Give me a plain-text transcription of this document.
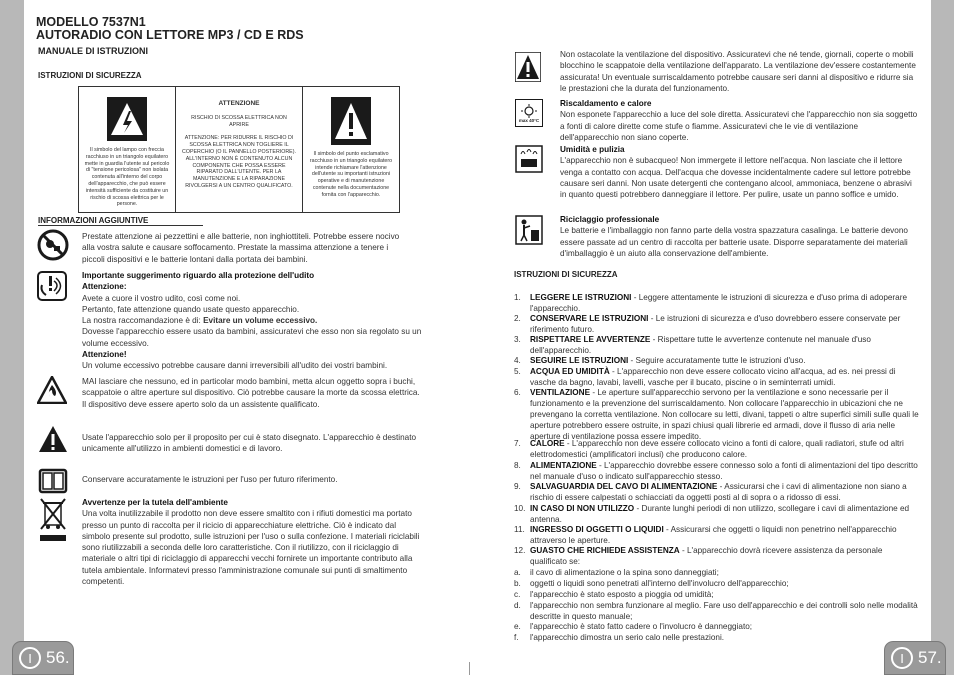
MODELLO 7537N1
AUTORADIO CON LETTORE MP3 / CD E RDS
MANUALE DI ISTRUZIONI
ISTRUZIONI DI SICUREZZA
Il simbolo del lampo con freccia racchiuso in un triangolo equilatero mette in guardia l'utente sul pericolo di "tensione pericolosa" non isolata contenuta all'interno del corpo dell'apparecchio, che può essere intensità sufficiente da costituire un rischio di scossa elettrica per le persone.
ATTENZIONE
RISCHIO DI SCOSSA ELETTRICA NON APRIRE
ATTENZIONE: PER RIDURRE IL RISCHIO DI SCOSSA ELETTRICA NON TOGLIERE IL COPERCHIO (O IL PANNELLO POSTERIORE). ALL'INTERNO NON È CONTENUTO ALCUN COMPONENTE CHE POSSA ESSERE RIPARATO DALL'UTENTE. PER LA MANUTENZIONE E LA RIPARAZIONE RIVOLGERSI A UN CENTRO QUALIFICATO.
Il simbolo del punto esclamativo racchiuso in un triangolo equilatero intende richiamare l'attenzione dell'utente su importanti istruzioni operative e di manutenzione contenute nella documentazione fornita con l'apparecchio.
INFORMAZIONI AGGIUNTIVE
Prestate attenzione ai pezzettini e alle batterie, non inghiottiteli. Potrebbe essere nocivo alla vostra salute e causare soffocamento. Prestate la massima attenzione a tenere i piccoli dispositivi e le batterie lontani dalla portata dei bambini.
Importante suggerimento riguardo alla protezione dell'udito
Attenzione:
Avete a cuore il vostro udito, così come noi.
Pertanto, fate attenzione quando usate questo apparecchio.
La nostra raccomandazione è di: Evitare un volume eccessivo.
Dovesse l'apparecchio essere usato da bambini, assicuratevi che esso non sia regolato su un volume eccessivo.
Attenzione!
Un volume eccessivo potrebbe causare danni irreversibili all'udito dei vostri bambini.
MAI lasciare che nessuno, ed in particolar modo bambini, metta alcun oggetto sopra i buchi, scappatoie o altre aperture sul dispositivo. Ciò potrebbe causare la morte da scossa elettrica. Il dispositivo deve essere aperto solo da un assistente qualificato.
Usate l'apparecchio solo per il proposito per cui è stato disegnato. L'apparecchio è destinato unicamente all'utilizzo in ambienti domestici e di lavoro.
Conservare accuratamente le istruzioni per l'uso per futuro riferimento.
Avvertenze per la tutela dell'ambiente
Una volta inutilizzabile il prodotto non deve essere smaltito con i rifiuti domestici ma portato presso un punto di raccolta per il ricicio di apparecchiature elettriche. Ciò è indicato dal simbolo presente sul prodotto, sulle istruzioni per l'uso o sulla confezione. I materiali riciclabili sono riutilizzabili a seconda delle loro caratteristiche. Con il riutilizzo, con il riciclaggio di materiale o altri tipi di riciclaggio di apparecchi vecchi fornirete un importante contributo alla tutela ambientale. Informatevi presso l'amministrazione comunale sui punti di smaltimento competenti.
I 56.
Non ostacolate la ventilazione del dispositivo. Assicuratevi che né tende, giornali, coperte o mobili blocchino le scappatoie della ventilazione dell'apparato. La ventilazione dev'essere costantemente assicurata! Un eventuale surriscaldamento potrebbe causare seri danni al dispositivo e ridurre sia le prestazioni che la durata del funzionamento.
max 40°C
Riscaldamento e calore
Non esponete l'apparecchio a luce del sole diretta. Assicuratevi che l'apparecchio non sia soggetto a fonti di calore dirette come stufe o fiamme. Assicuratevi che le vie di ventilazione dell'apparecchio non siano coperte.
Umidità e pulizia
L'apparecchio non è subacqueo! Non immergete il lettore nell'acqua. Non lasciate che il lettore venga a contatto con acqua. Dell'acqua che dovesse incidentalmente cadere sul lettore potrebbe causare seri danni. Non usate detergenti che contengano alcool, ammoniaca, benzene o abrasivi in quanto questi potrebbero danneggiare il lettore. Per pulire, usate un panno soffice e umido.
Riciclaggio professionale
Le batterie e l'imballaggio non fanno parte della vostra spazzatura casalinga. Le batterie devono essere passate ad un centro di raccolta per batterie usate. Disporre separatamente dei materiali d'imballaggio è un aiuto alla conservazione dell'ambiente.
ISTRUZIONI DI SICUREZZA
1. LEGGERE LE ISTRUZIONI - Leggere attentamente le istruzioni di sicurezza e d'uso prima di adoperare l'apparecchio.
2. CONSERVARE LE ISTRUZIONI - Le istruzioni di sicurezza e d'uso dovrebbero essere conservate per riferimento futuro.
3. RISPETTARE LE AVVERTENZE - Rispettare tutte le avvertenze contenute nel manuale d'uso dell'apparecchio.
4. SEGUIRE LE ISTRUZIONI - Seguire accuratamente tutte le istruzioni d'uso.
5. ACQUA ED UMIDITÀ - L'apparecchio non deve essere collocato vicino all'acqua, ad es. nei pressi di vasche da bagno, lavabi, lavelli, vasche per il bucato, piscine o in seminterrati umidi.
6. VENTILAZIONE - Le aperture sull'apparecchio servono per la ventilazione e sono necessarie per il funzionamento e la prevenzione del surriscaldamento. Non collocare l'apparecchio in ubicazioni che ne prevengano la corretta ventilazione. Non collocare su letti, divani, tappeti o altre superfici simili sulle quali le aperture potrebbero essere ostruite, in spazi chiusi quali librerie ed armadi, dove il flusso di aria nelle aperture di ventilazione possa essere impedito.
7. CALORE - L'apparecchio non deve essere collocato vicino a fonti di calore, quali radiatori, stufe od altri elettrodomestici (amplificatori inclusi) che producono calore.
8. ALIMENTAZIONE - L'apparecchio dovrebbe essere connesso solo a fonti di alimentazioni del tipo descritto nel manuale d'uso o indicato sull'apparecchio stesso.
9. SALVAGUARDIA DEL CAVO DI ALIMENTAZIONE - Assicurarsi che i cavi di alimentazione non siano a rischio di essere calpestati o schiacciati da oggetti posti al di sopra o a ridosso di essi.
10. IN CASO DI NON UTILIZZO - Durante lunghi periodi di non utilizzo, scollegare i cavi di alimentazione ed antenna.
11. INGRESSO DI OGGETTI O LIQUIDI - Assicurarsi che oggetti o liquidi non penetrino nell'apparecchio attraverso le aperture.
12. GUASTO CHE RICHIEDE ASSISTENZA - L'apparecchio dovrà ricevere assistenza da personale qualificato se:
a. il cavo di alimentazione o la spina sono danneggiati;
b. oggetti o liquidi sono penetrati all'interno dell'involucro dell'apparecchio;
c. l'apparecchio è stato esposto a pioggia od umidità;
d. l'apparecchio non sembra funzionare al meglio. Fare uso dell'apparecchio e dei controlli solo nelle modalità descritte in questo manuale;
e. l'apparecchio è stato fatto cadere o l'involucro è danneggiato;
f. l'apparecchio dimostra un serio calo nelle prestazioni.
I 57.
